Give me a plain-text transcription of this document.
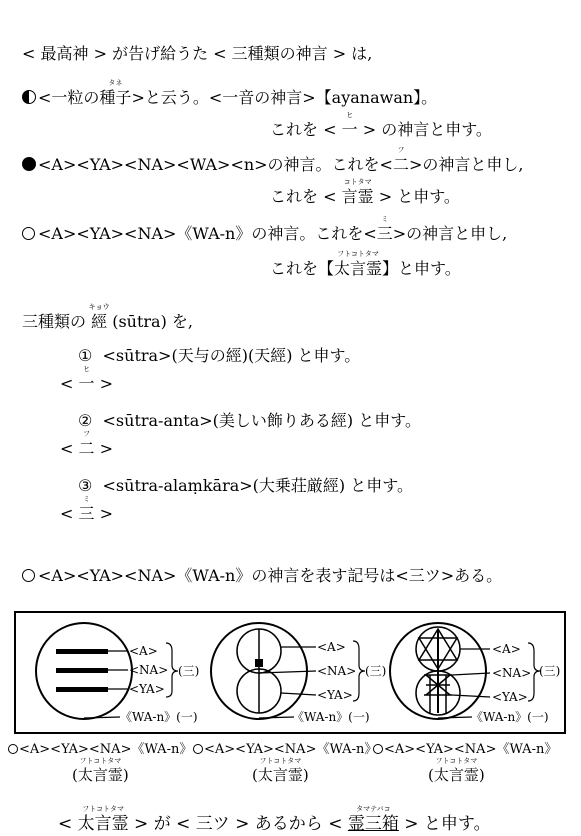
< 最高神 > が告げ給うた < 三種類の神言 > は,
<一粒の
タネ
種子>と云う。<一音の神言>【ayanawan】。
これを <
ヒ
一 > の神言と申す。
<A><YA><NA><WA><n>の神言。これを<
フ
二>の神言と申し,
これを <
コトタマ
言霊 > と申す。
<A><YA><NA>《WA-n》の神言。これを<
ミ
三>の神言と申し,
これを【
フトコトタマ
太言霊】と申す。
三種類の
キョウ
經 (sūtra) を,
① <sūtra>(天与の經)(天經) と申す。
<
ヒ
一 >
② <sūtra-anta>(美しい飾りある經) と申す。
<
フ
二 >
③ <sūtra-alaṃkāra>(大乗荘厳經) と申す。
<
ミ
三 >
<A><YA><NA>《WA-n》の神言を表す記号は<三ツ>ある。
<A>
<NA>
<YA>
(三)
《WA-n》(一)
<A>
<NA>
<YA>
(三)
《WA-n》(一)
<A>
<NA>
<YA>
(三)
《WA-n》(一)
<A><YA><NA>《WA-n》
(
フトコトタマ
太言霊)
<A><YA><NA>《WA-n》
(
フトコトタマ
太言霊)
<A><YA><NA>《WA-n》
(
フトコトタマ
太言霊)
<
フトコトタマ
太言霊 > が < 三ツ > あるから <
タマテバコ
霊三箱 > と申す。
